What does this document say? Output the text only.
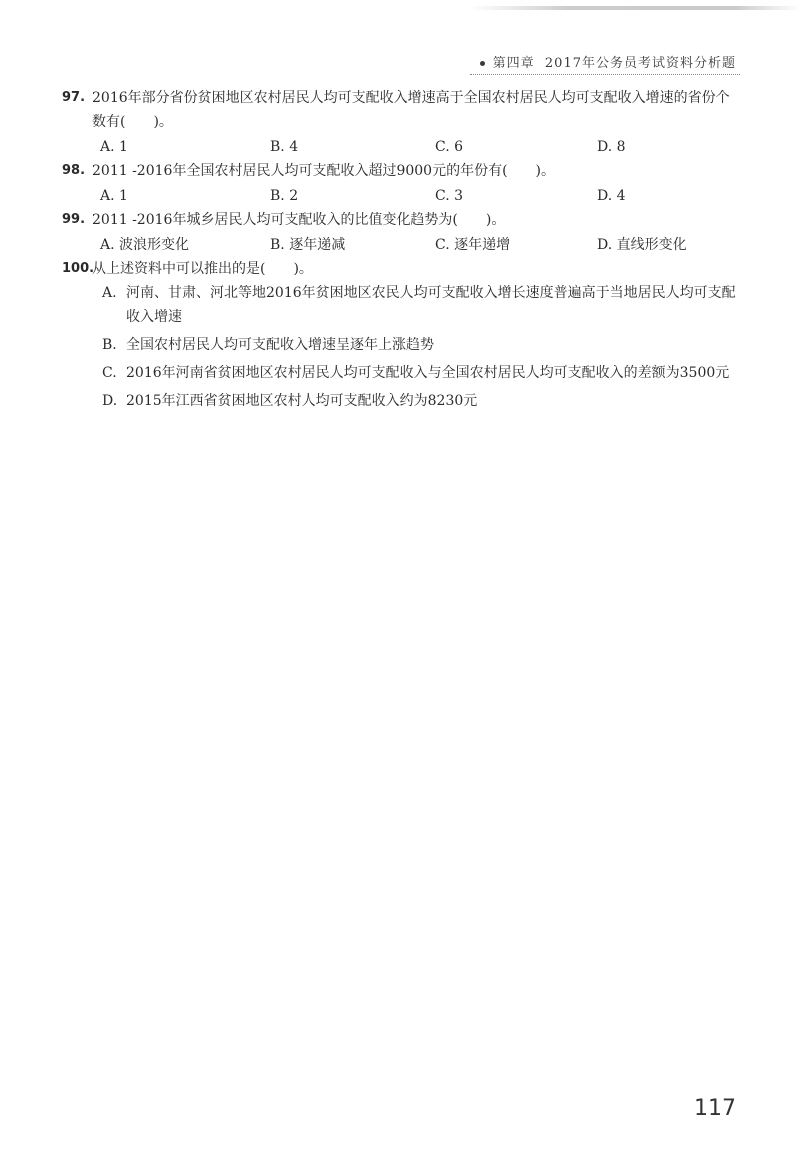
第四章 2017年公务员考试资料分析题
97. 2016年部分省份贫困地区农村居民人均可支配收入增速高于全国农村居民人均可支配收入增速的省份个数有(　　)。
A. 1	B. 4	C. 6	D. 8
98. 2011 -2016年全国农村居民人均可支配收入超过9000元的年份有(　　)。
A. 1	B. 2	C. 3	D. 4
99. 2011 -2016年城乡居民人均可支配收入的比值变化趋势为(　　)。
A. 波浪形变化	B. 逐年递减	C. 逐年递增	D. 直线形变化
100.
从上述资料中可以推出的是(　　)。
A. 河南、甘肃、河北等地2016年贫困地区农民人均可支配收入增长速度普遍高于当地居民人均可支配收入增速
B. 全国农村居民人均可支配收入增速呈逐年上涨趋势
C. 2016年河南省贫困地区农村居民人均可支配收入与全国农村居民人均可支配收入的差额为3500元
D. 2015年江西省贫困地区农村人均可支配收入约为8230元
117
